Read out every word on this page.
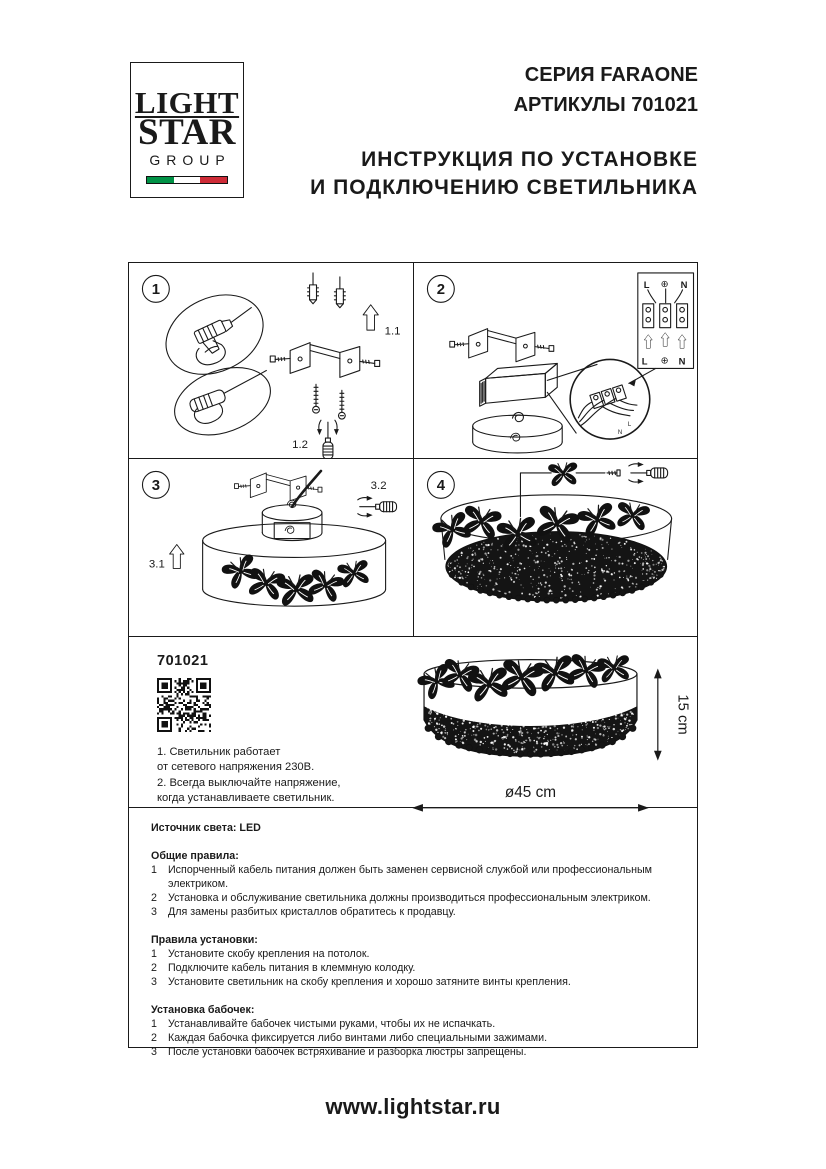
LIGHT
STAR
GROUP
СЕРИЯ FARAONE
АРТИКУЛЫ 701021
ИНСТРУКЦИЯ ПО УСТАНОВКЕ
И ПОДКЛЮЧЕНИЮ СВЕТИЛЬНИКА
1
1.1
1.2
2	L ⊕ N
L ⊕ N
N
L
3
3.1
3.2	4
701021
1. Светильник работает
от сетевого напряжения 230В.
2. Всегда выключайте напряжение,
когда устанавливаете светильник.
15 cm
ø45 cm
Источник света: LED
Общие правила:
1	Испорченный кабель питания должен быть заменен сервисной службой или профессиональным электриком.
2	Установка и обслуживание светильника должны производиться профессиональным электриком.
3	Для замены разбитых кристаллов обратитесь к продавцу.
Правила установки:
1	Установите скобу крепления на потолок.
2	Подключите кабель питания в клеммную колодку.
3	Установите светильник на скобу крепления и хорошо затяните винты крепления.
Установка бабочек:
1	Устанавливайте бабочек чистыми руками, чтобы их не испачкать.
2	Каждая бабочка фиксируется либо винтами либо специальными зажимами.
3	После установки бабочек встряхивание и разборка люстры запрещены.
www.lightstar.ru
